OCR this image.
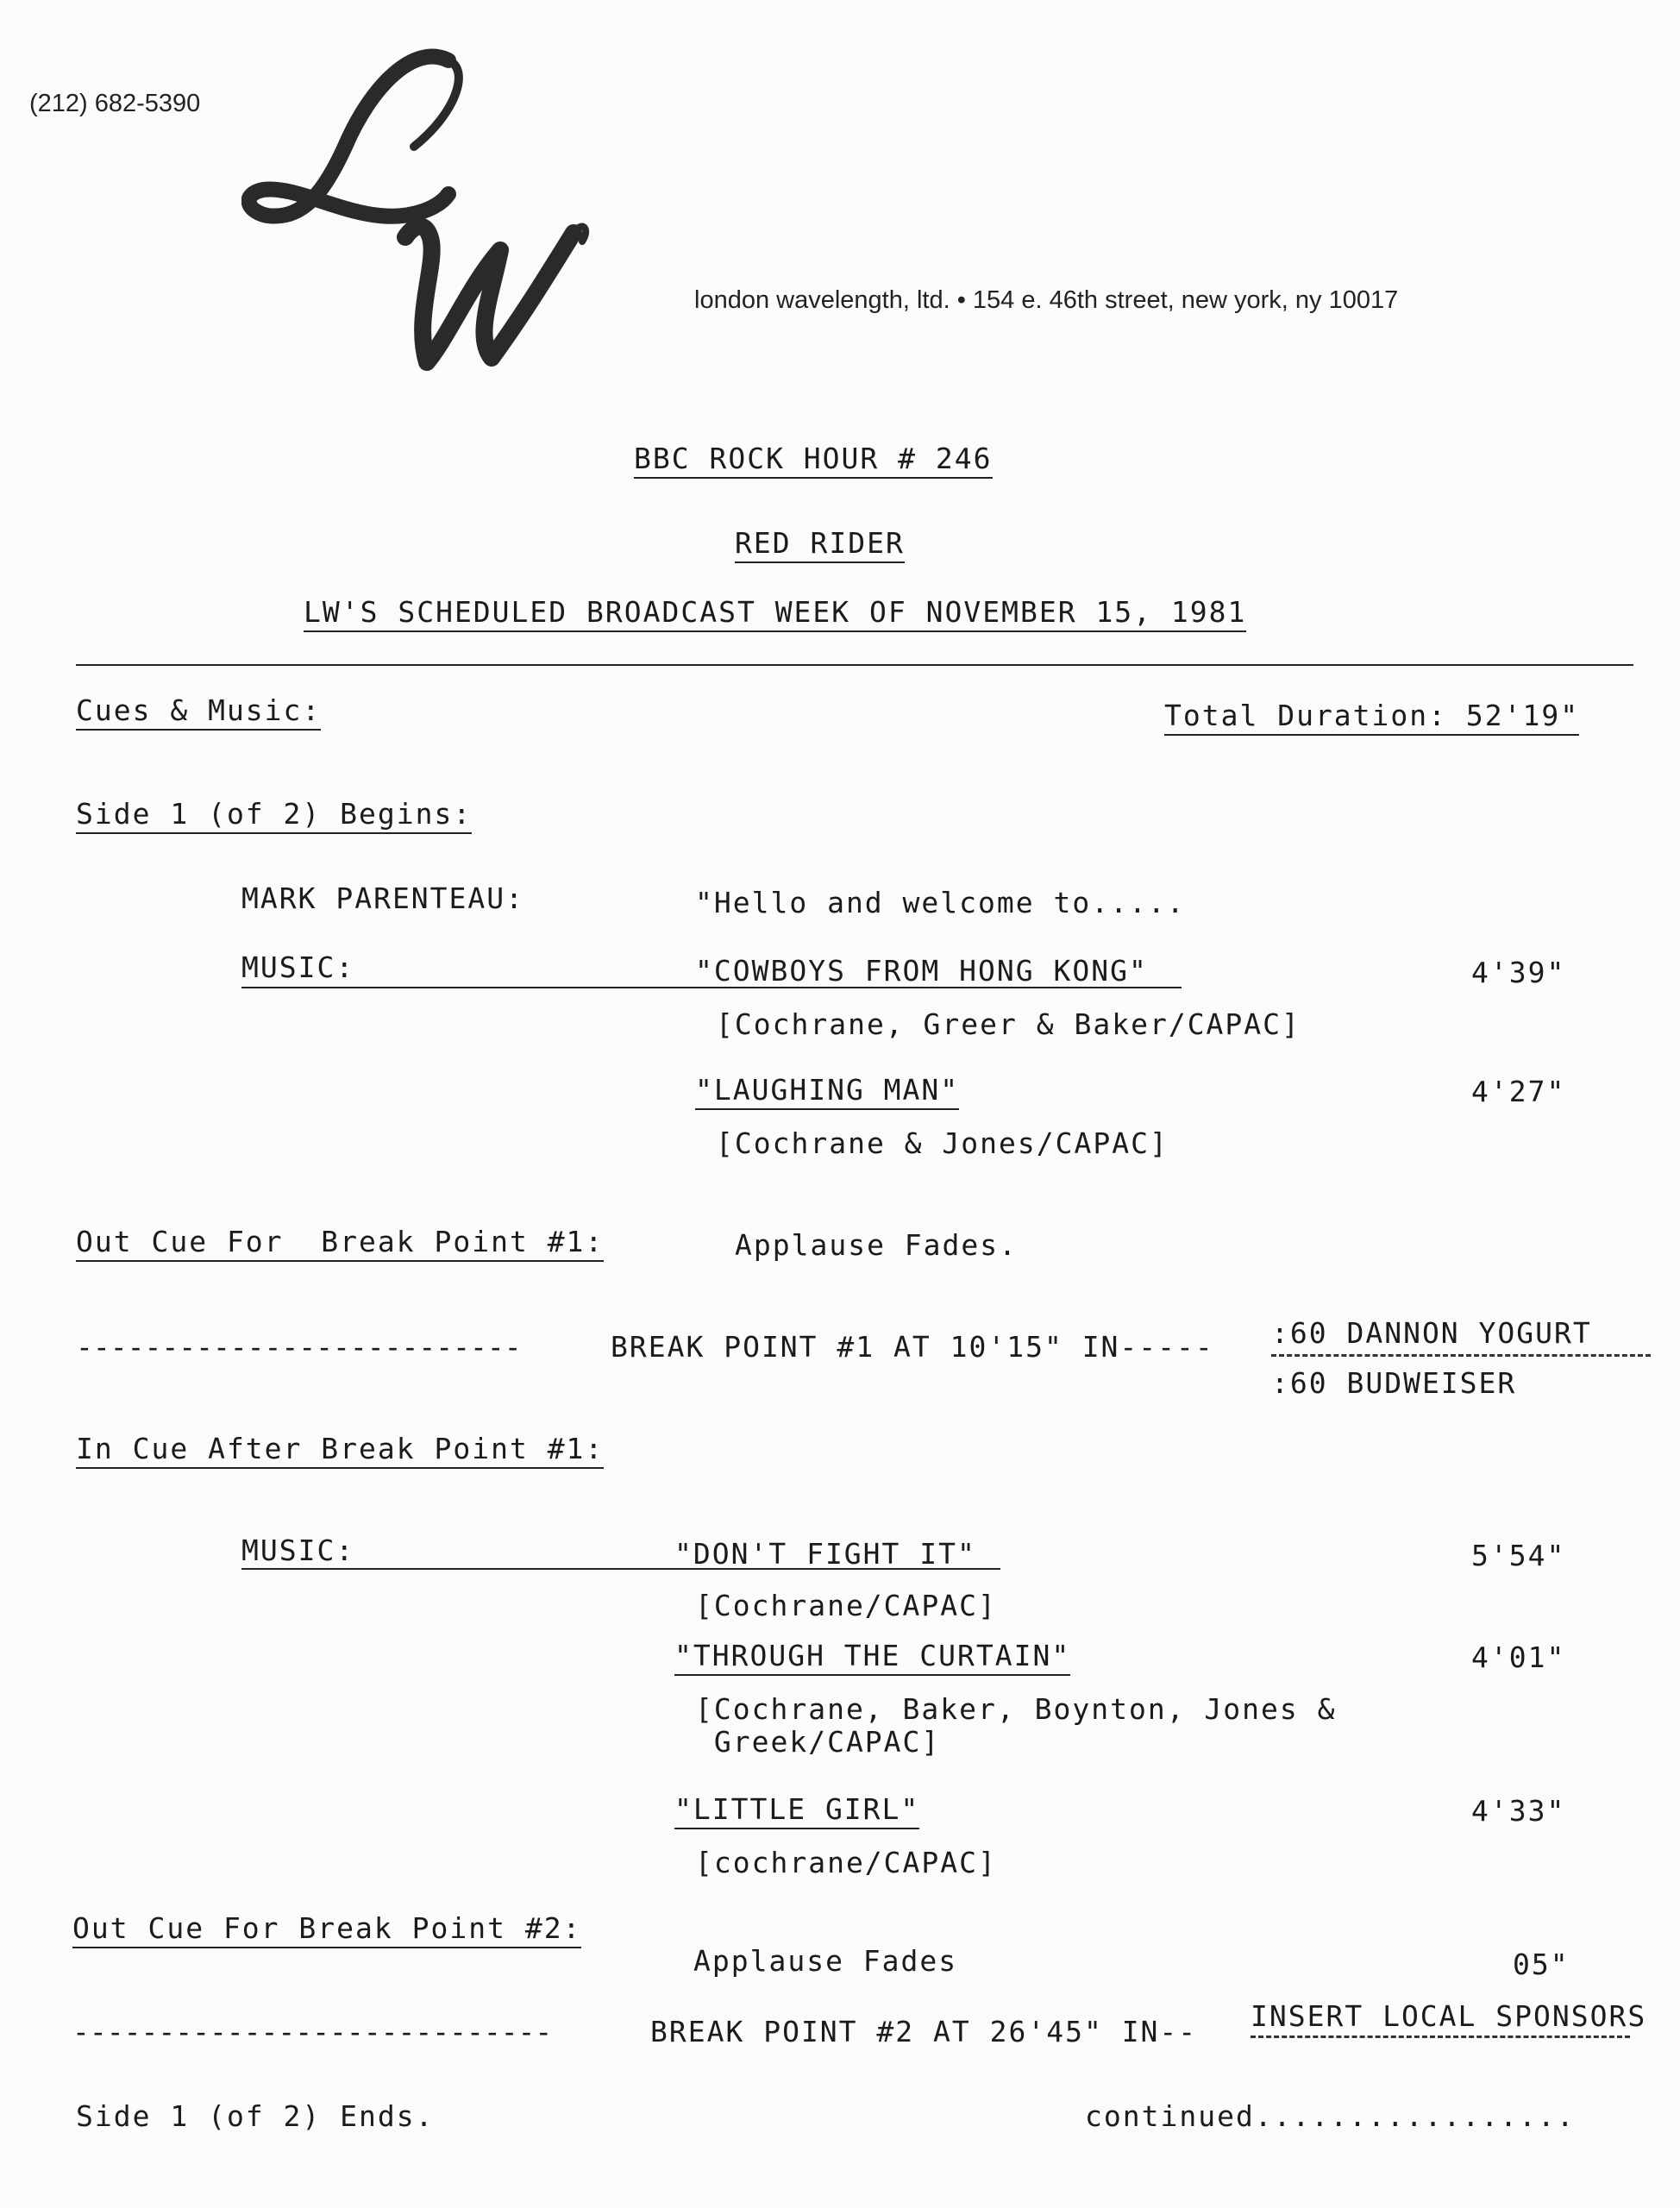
(212) 682-5390
london wavelength, ltd. • 154 e. 46th street, new york, ny 10017
BBC ROCK HOUR # 246
RED RIDER
LW'S SCHEDULED BROADCAST WEEK OF NOVEMBER 15, 1981
Cues & Music:	Total Duration: 52'19"
Side 1 (of 2) Begins:
MARK PARENTEAU:	"Hello and welcome to.....
MUSIC:	"COWBOYS FROM HONG KONG"	4'39"
[Cochrane, Greer & Baker/CAPAC]
"LAUGHING MAN"	4'27"
[Cochrane & Jones/CAPAC]
Out Cue For  Break Point #1:	Applause Fades.
--------------------------	BREAK POINT #1 AT 10'15" IN----- :60 DANNON YOGURT
:60 BUDWEISER
In Cue After Break Point #1:
MUSIC:	"DON'T FIGHT IT"	5'54"
[Cochrane/CAPAC]
"THROUGH THE CURTAIN"	4'01"
[Cochrane, Baker, Boynton, Jones &
Greek/CAPAC]
"LITTLE GIRL"	4'33"
[cochrane/CAPAC]
Out Cue For Break Point #2:
Applause Fades	05"
----------------------------	BREAK POINT #2 AT 26'45" IN-- INSERT LOCAL SPONSORS
Side 1 (of 2) Ends.	continued.................
